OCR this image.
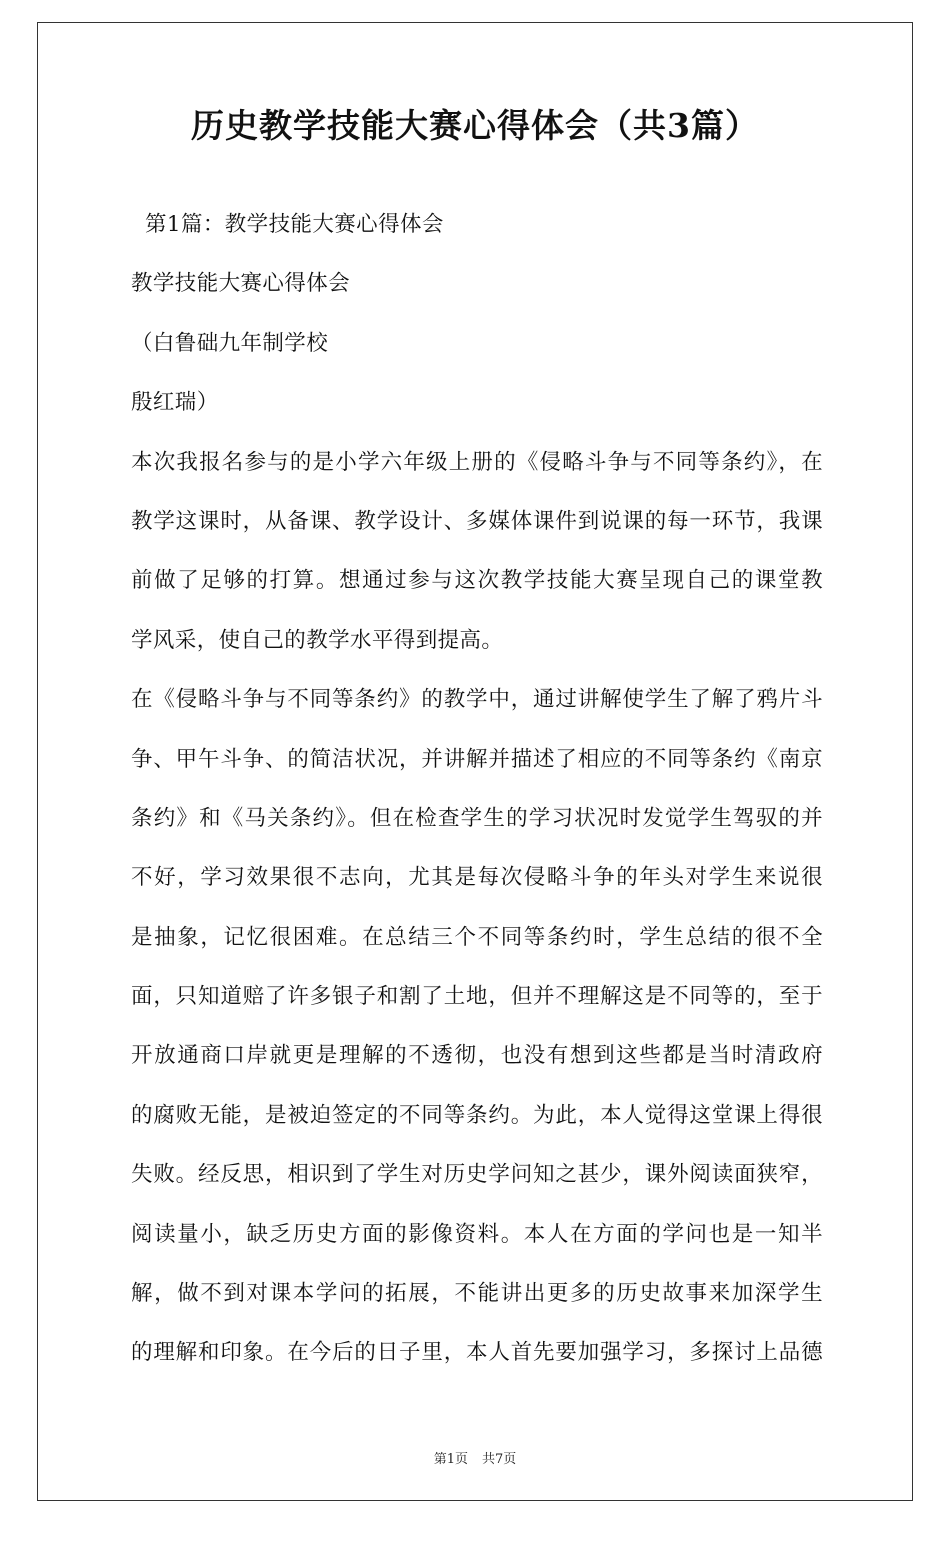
历史教学技能大赛心得体会（共3篇）
第1篇：教学技能大赛心得体会
教学技能大赛心得体会
（白鲁础九年制学校
殷红瑞）
本次我报名参与的是小学六年级上册的《侵略斗争与不同等条约》，在
教学这课时，从备课、教学设计、多媒体课件到说课的每一环节，我课
前做了足够的打算。想通过参与这次教学技能大赛呈现自己的课堂教
学风采，使自己的教学水平得到提高。
在《侵略斗争与不同等条约》的教学中，通过讲解使学生了解了鸦片斗
争、甲午斗争、的简洁状况，并讲解并描述了相应的不同等条约《南京
条约》和《马关条约》。但在检查学生的学习状况时发觉学生驾驭的并
不好，学习效果很不志向，尤其是每次侵略斗争的年头对学生来说很
是抽象，记忆很困难。在总结三个不同等条约时，学生总结的很不全
面，只知道赔了许多银子和割了土地，但并不理解这是不同等的，至于
开放通商口岸就更是理解的不透彻，也没有想到这些都是当时清政府
的腐败无能，是被迫签定的不同等条约。为此，本人觉得这堂课上得很
失败。经反思，相识到了学生对历史学问知之甚少，课外阅读面狭窄，
阅读量小，缺乏历史方面的影像资料。本人在方面的学问也是一知半
解，做不到对课本学问的拓展，不能讲出更多的历史故事来加深学生
的理解和印象。在今后的日子里，本人首先要加强学习，多探讨上品德
第1页 共7页
